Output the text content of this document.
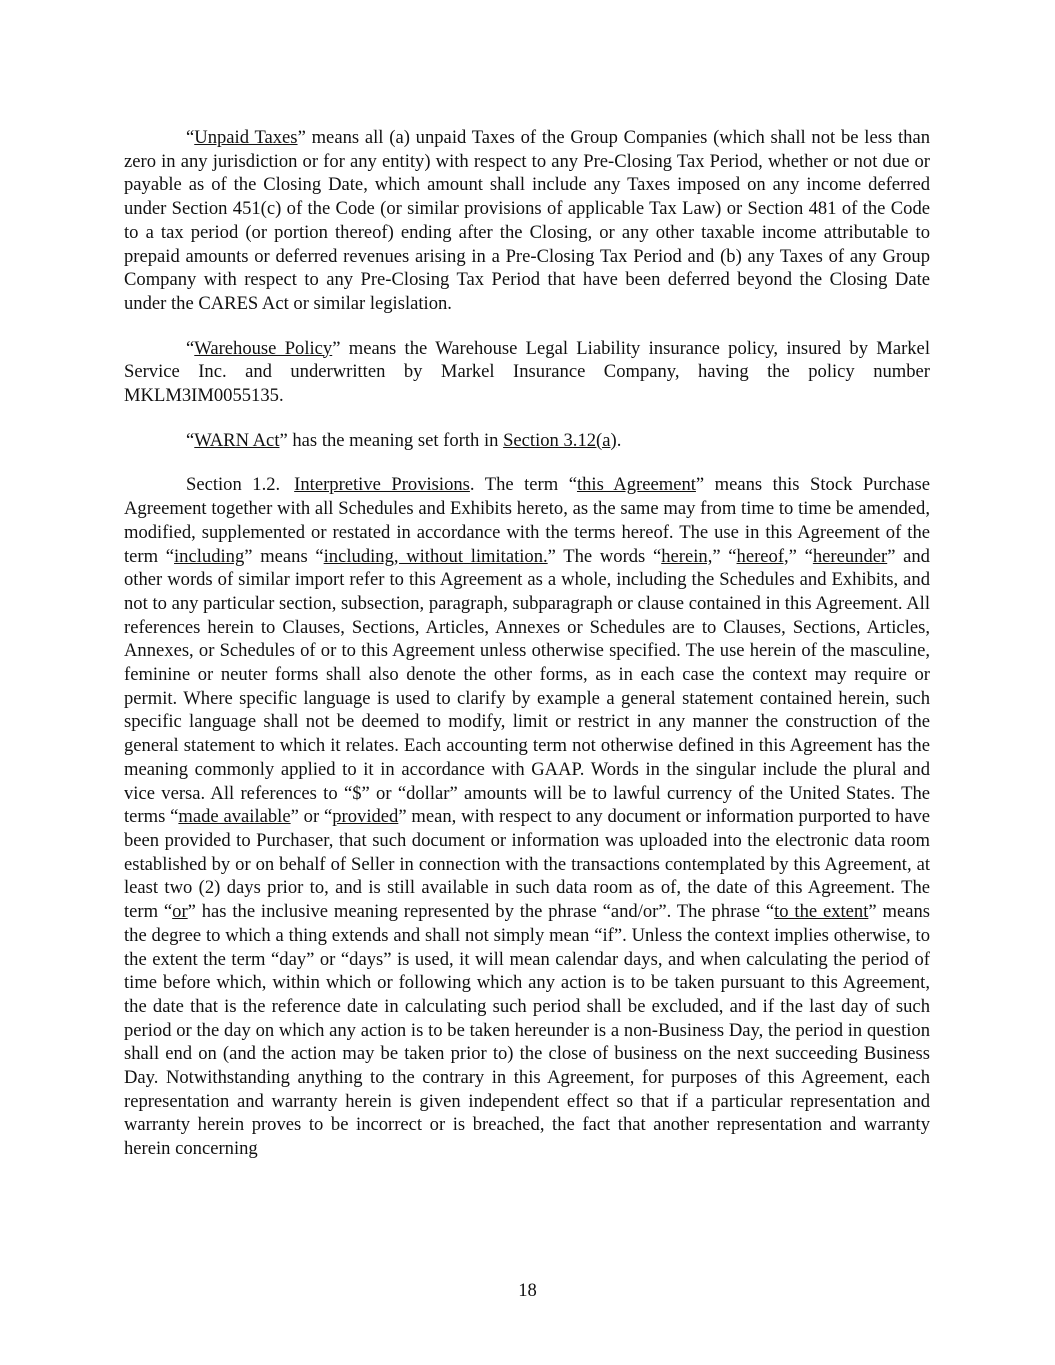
“Unpaid Taxes” means all (a) unpaid Taxes of the Group Companies (which shall not be less than zero in any jurisdiction or for any entity) with respect to any Pre-Closing Tax Period, whether or not due or payable as of the Closing Date, which amount shall include any Taxes imposed on any income deferred under Section 451(c) of the Code (or similar provisions of applicable Tax Law) or Section 481 of the Code to a tax period (or portion thereof) ending after the Closing, or any other taxable income attributable to prepaid amounts or deferred revenues arising in a Pre-Closing Tax Period and (b) any Taxes of any Group Company with respect to any Pre-Closing Tax Period that have been deferred beyond the Closing Date under the CARES Act or similar legislation.

“Warehouse Policy” means the Warehouse Legal Liability insurance policy, insured by Markel Service Inc. and underwritten by Markel Insurance Company, having the policy number MKLM3IM0055135.

“WARN Act” has the meaning set forth in Section 3.12(a).

Section 1.2. Interpretive Provisions. The term “this Agreement” means this Stock Purchase Agreement together with all Schedules and Exhibits hereto, as the same may from time to time be amended, modified, supplemented or restated in accordance with the terms hereof. The use in this Agreement of the term “including” means “including, without limitation.” The words “herein,” “hereof,” “hereunder” and other words of similar import refer to this Agreement as a whole, including the Schedules and Exhibits, and not to any particular section, subsection, paragraph, subparagraph or clause contained in this Agreement. All references herein to Clauses, Sections, Articles, Annexes or Schedules are to Clauses, Sections, Articles, Annexes, or Schedules of or to this Agreement unless otherwise specified. The use herein of the masculine, feminine or neuter forms shall also denote the other forms, as in each case the context may require or permit. Where specific language is used to clarify by example a general statement contained herein, such specific language shall not be deemed to modify, limit or restrict in any manner the construction of the general statement to which it relates. Each accounting term not otherwise defined in this Agreement has the meaning commonly applied to it in accordance with GAAP. Words in the singular include the plural and vice versa. All references to “$” or “dollar” amounts will be to lawful currency of the United States. The terms “made available” or “provided” mean, with respect to any document or information purported to have been provided to Purchaser, that such document or information was uploaded into the electronic data room established by or on behalf of Seller in connection with the transactions contemplated by this Agreement, at least two (2) days prior to, and is still available in such data room as of, the date of this Agreement. The term “or” has the inclusive meaning represented by the phrase “and/or”. The phrase “to the extent” means the degree to which a thing extends and shall not simply mean “if”. Unless the context implies otherwise, to the extent the term “day” or “days” is used, it will mean calendar days, and when calculating the period of time before which, within which or following which any action is to be taken pursuant to this Agreement, the date that is the reference date in calculating such period shall be excluded, and if the last day of such period or the day on which any action is to be taken hereunder is a non-Business Day, the period in question shall end on (and the action may be taken prior to) the close of business on the next succeeding Business Day. Notwithstanding anything to the contrary in this Agreement, for purposes of this Agreement, each representation and warranty herein is given independent effect so that if a particular representation and warranty herein proves to be incorrect or is breached, the fact that another representation and warranty herein concerning

18
